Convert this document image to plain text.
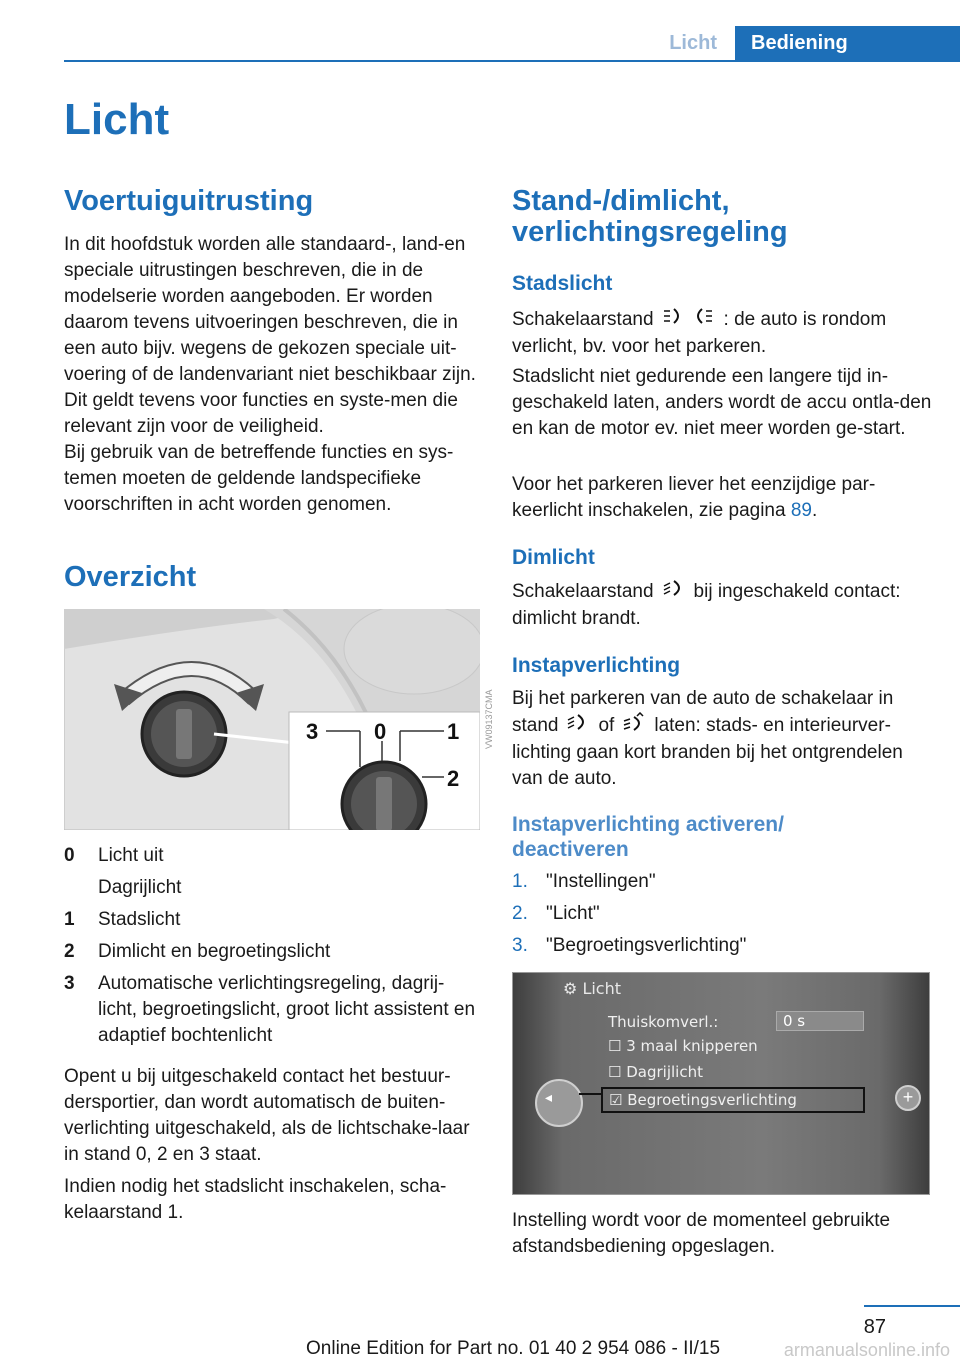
Licht	Bediening
Licht
Voertuiguitrusting

In dit hoofdstuk worden alle standaard-, land-en speciale uitrustingen beschreven, die in de modelserie worden aangeboden. Er worden daarom tevens uitvoeringen beschreven, die in een auto bijv. wegens de gekozen speciale uit-voering of de landenvariant niet beschikbaar zijn. Dit geldt tevens voor functies en syste-men die relevant zijn voor de veiligheid.

Bij gebruik van de betreffende functies en sys-temen moeten de geldende landspecifieke voorschriften in acht worden genomen.

Overzicht
3	0	1
2
VW09137CMA
0	Licht uit
Dagrijlicht
1	Stadslicht
2	Dimlicht en begroetingslicht
3	Automatische verlichtingsregeling, dagrij-licht, begroetingslicht, groot licht assistent en adaptief bochtenlicht

Opent u bij uitgeschakeld contact het bestuur-dersportier, dan wordt automatisch de buiten-verlichting uitgeschakeld, als de lichtschake-laar in stand 0, 2 en 3 staat.

Indien nodig het stadslicht inschakelen, scha-kelaarstand 1.

Stand-/dimlicht, verlichtingsregeling
Stadslicht

Schakelaarstand	: de auto is rondom verlicht, bv. voor het parkeren.

Stadslicht niet gedurende een langere tijd in-geschakeld laten, anders wordt de accu ontla-den en kan de motor ev. niet meer worden ge-start.

Voor het parkeren liever het eenzijdige par-keerlicht inschakelen, zie pagina 89.

Dimlicht

Schakelaarstand bij ingeschakeld contact: dimlicht brandt.

Instapverlichting

Bij het parkeren van de auto de schakelaar in stand of laten: stads- en interieurver-lichting gaan kort branden bij het ontgrendelen van de auto.

Instapverlichting activeren/ deactiveren
1. "Instellingen"
2. "Licht"
3. "Begroetingsverlichting"
⚙ Licht
Thuiskomverl.:	0 s
☐ 3 maal knipperen
☐ Dagrijlicht
☑ Begroetingsverlichting
◂	+

Instelling wordt voor de momenteel gebruikte afstandsbediening opgeslagen.

87
Online Edition for Part no. 01 40 2 954 086 - II/15	armanualsonline.info
